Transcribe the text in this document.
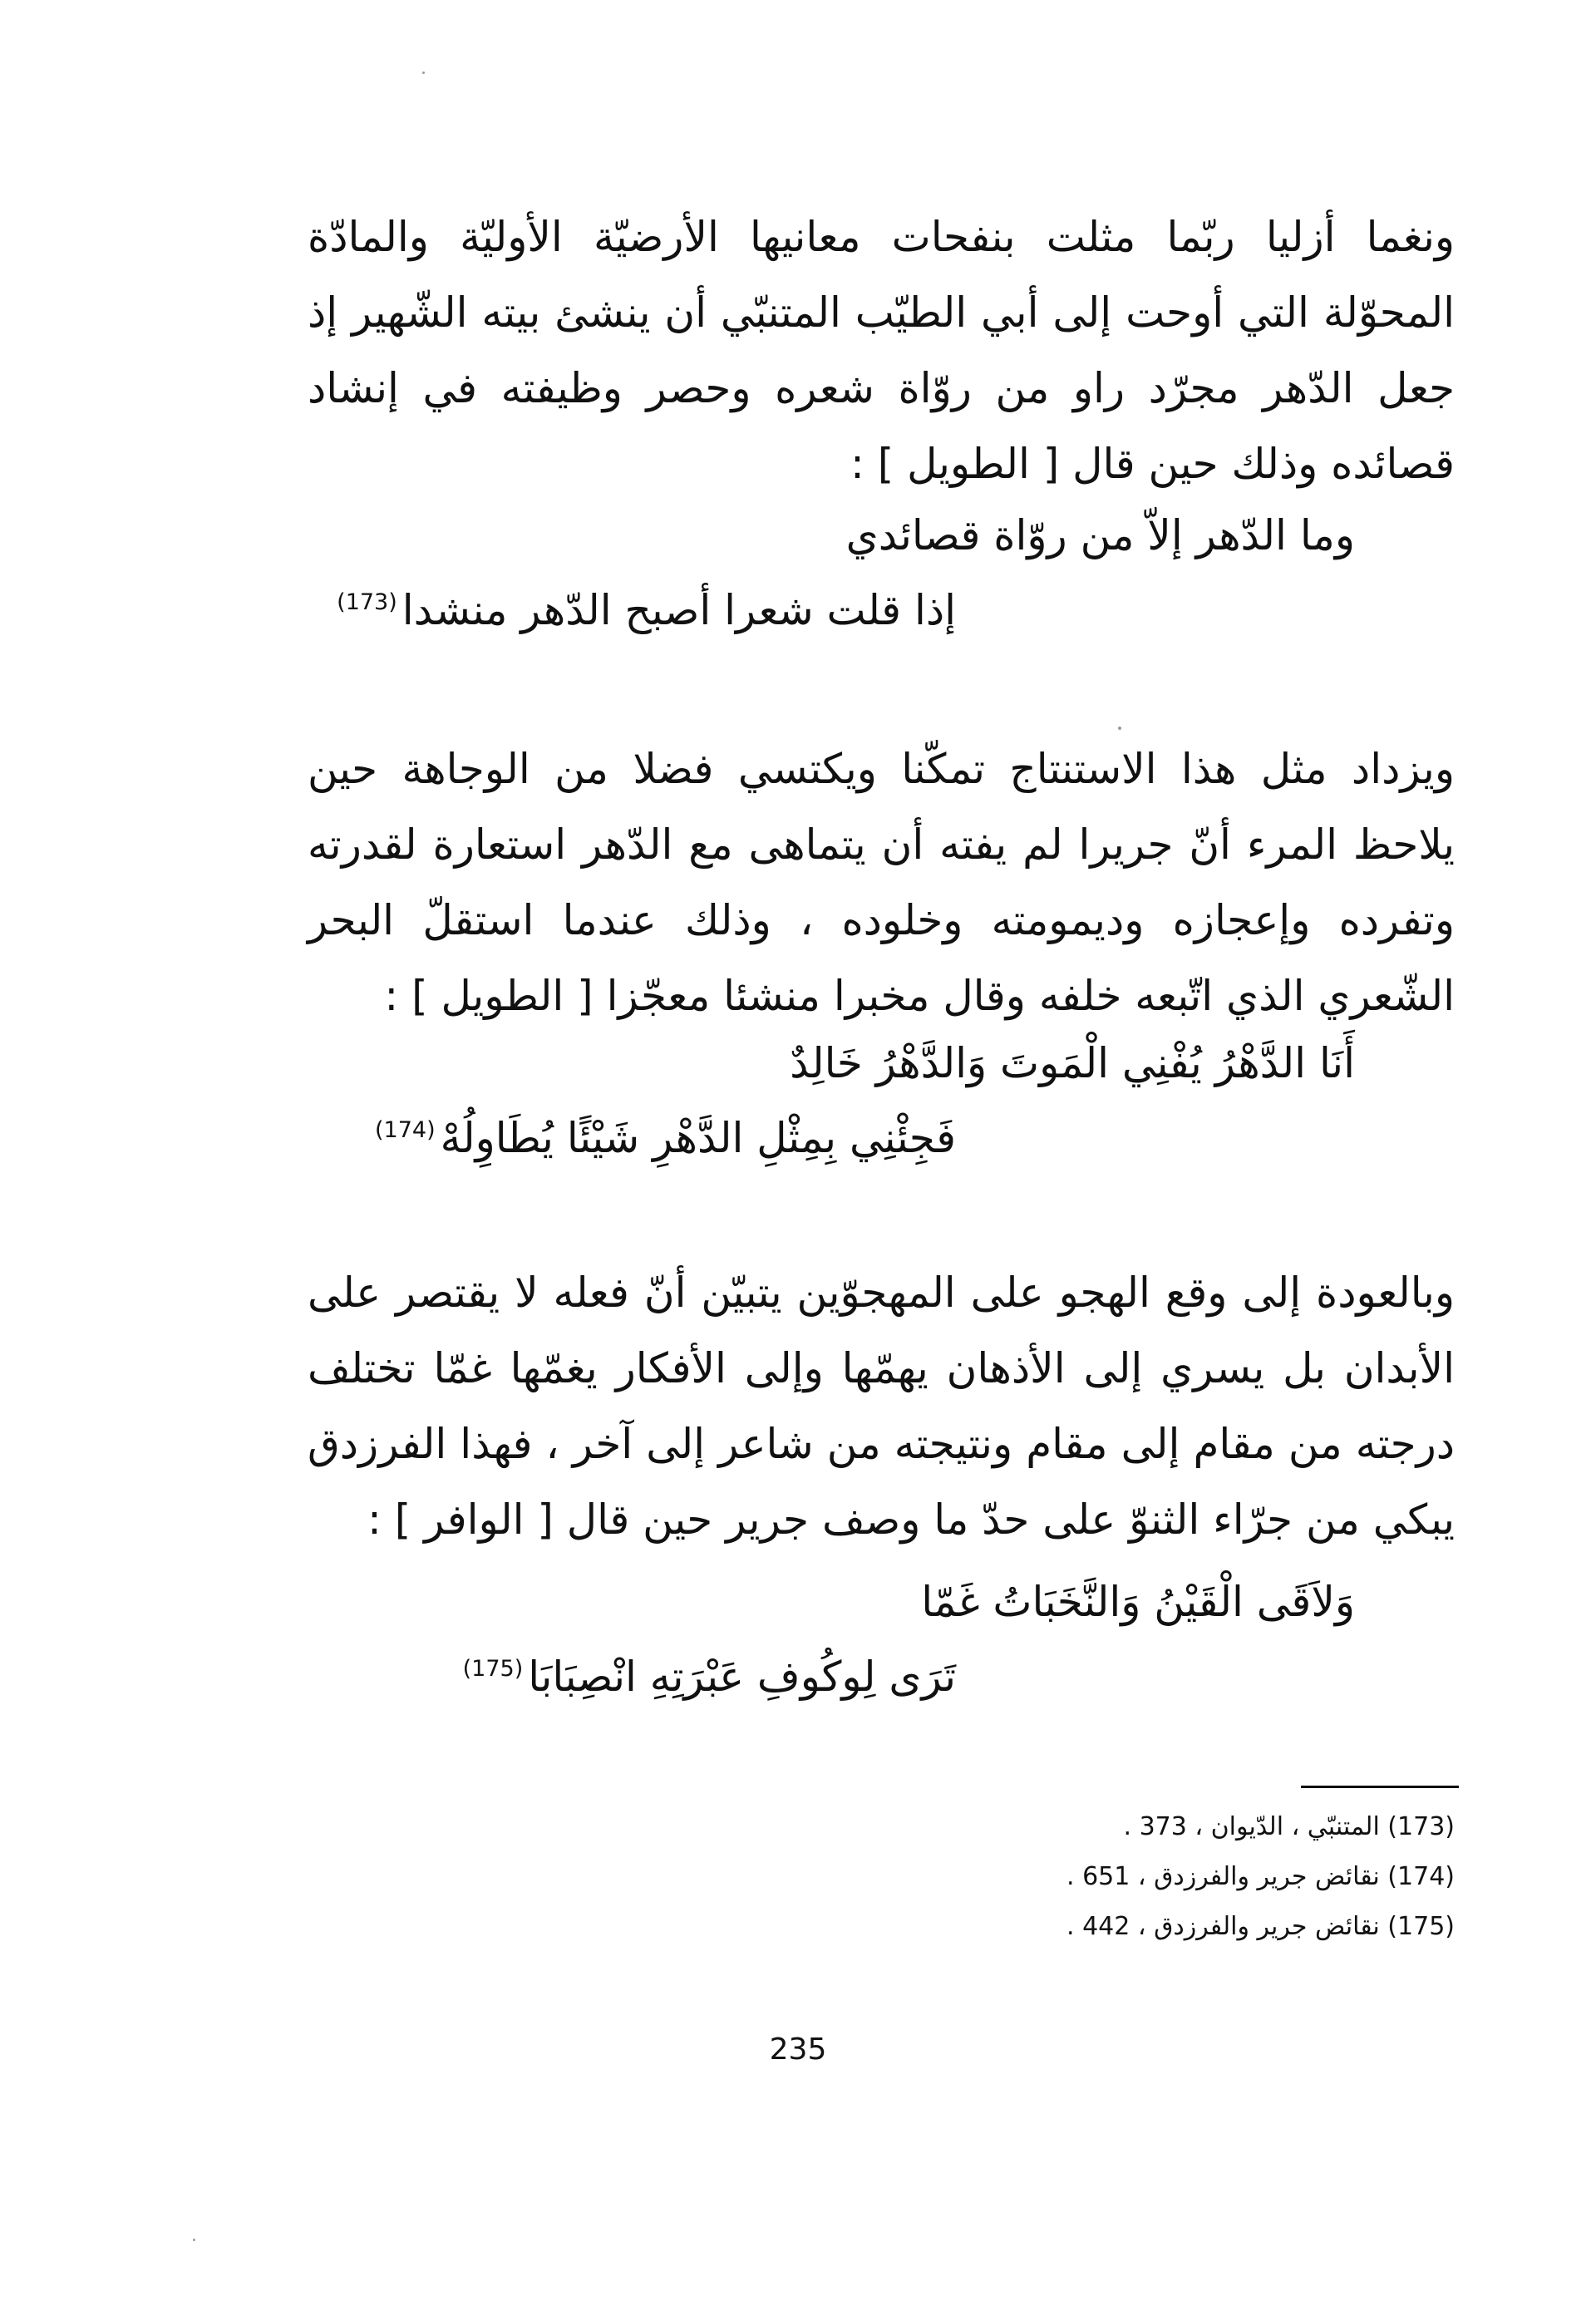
ونغما أزليا ربّما مثلت بنفحات معانيها الأرضيّة الأوليّة والمادّة المحوّلة التي أوحت إلى أبي الطيّب المتنبّي أن ينشئ بيته الشّهير إذ جعل الدّهر مجرّد راو من روّاة شعره وحصر وظيفته في إنشاد قصائده وذلك حين قال [ الطويل ] :

وما الدّهر إلاّ من روّاة قصائدي
إذا قلت شعرا أصبح الدّهر منشدا$^{(173)}$

ويزداد مثل هذا الاستنتاج تمكّنا ويكتسي فضلا من الوجاهة حين يلاحظ المرء أنّ جريرا لم يفته أن يتماهى مع الدّهر استعارة لقدرته وتفرده وإعجازه وديمومته وخلوده ، وذلك عندما استقلّ البحر الشّعري الذي اتّبعه خلفه وقال مخبرا منشئا معجّزا [ الطويل ] :

أَنَا الدَّهْرُ يُفْنِي الْمَوتَ وَالدَّهْرُ خَالِدٌ
فَجِئْنِي بِمِثْلِ الدَّهْرِ شَيْئًا يُطَاوِلُهْ$^{(174)}$

وبالعودة إلى وقع الهجو على المهجوّين يتبيّن أنّ فعله لا يقتصر على الأبدان بل يسري إلى الأذهان يهمّها وإلى الأفكار يغمّها غمّا تختلف درجته من مقام إلى مقام ونتيجته من شاعر إلى آخر ، فهذا الفرزدق يبكي من جرّاء الثنوّ على حدّ ما وصف جرير حين قال [ الوافر ] :

وَلاَقَى الْقَيْنُ وَالنَّخَبَاتُ غَمّا
تَرَى لِوكُوفِ عَبْرَتِهِ انْصِبَابَا$^{(175)}$
(173) المتنبّي ، الدّيوان ، 373 .
(174) نقائض جرير والفرزدق ، 651 .
(175) نقائض جرير والفرزدق ، 442 .
235
